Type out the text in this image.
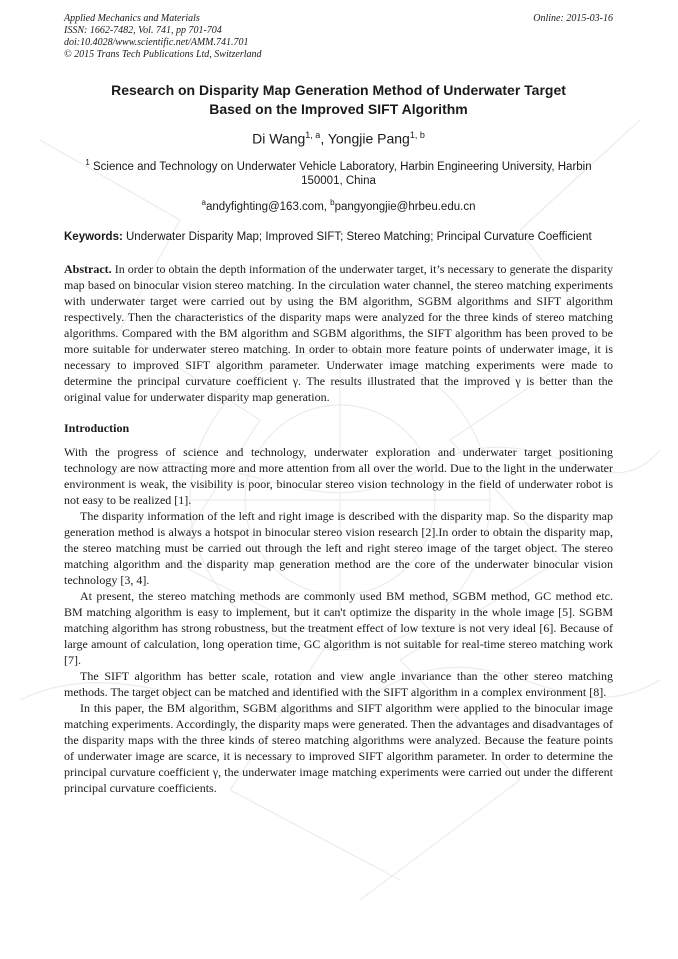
Applied Mechanics and Materials
ISSN: 1662-7482, Vol. 741, pp 701-704
doi:10.4028/www.scientific.net/AMM.741.701
© 2015 Trans Tech Publications Ltd, Switzerland
Online: 2015-03-16
Research on Disparity Map Generation Method of Underwater Target
Based on the Improved SIFT Algorithm
Di Wang$^{1, a}$, Yongjie Pang$^{1, b}$
$^1$ Science and Technology on Underwater Vehicle Laboratory, Harbin Engineering University, Harbin 150001, China
$^a$andyfighting@163.com, $^b$pangyongjie@hrbeu.edu.cn
Keywords: Underwater Disparity Map; Improved SIFT; Stereo Matching; Principal Curvature Coefficient
Abstract. In order to obtain the depth information of the underwater target, it’s necessary to generate the disparity map based on binocular vision stereo matching. In the circulation water channel, the stereo matching experiments with underwater target were carried out by using the BM algorithm, SGBM algorithms and SIFT algorithm respectively. Then the characteristics of the disparity maps were analyzed for the three kinds of stereo matching algorithms. Compared with the BM algorithm and SGBM algorithms, the SIFT algorithm has been proved to be more suitable for underwater stereo matching. In order to obtain more feature points of underwater image, it is necessary to improved SIFT algorithm parameter. Underwater image matching experiments were made to determine the principal curvature coefficient γ. The results illustrated that the improved γ is better than the original value for underwater disparity map generation.
Introduction

With the progress of science and technology, underwater exploration and underwater target positioning technology are now attracting more and more attention from all over the world. Due to the light in the underwater environment is weak, the visibility is poor, binocular stereo vision technology in the field of underwater robot is not easy to be realized [1].

The disparity information of the left and right image is described with the disparity map. So the disparity map generation method is always a hotspot in binocular stereo vision research [2].In order to obtain the disparity map, the stereo matching must be carried out through the left and right stereo image of the target object. The stereo matching algorithm and the disparity map generation method are the core of the underwater binocular vision technology [3, 4].

At present, the stereo matching methods are commonly used BM method, SGBM method, GC method etc. BM matching algorithm is easy to implement, but it can't optimize the disparity in the whole image [5]. SGBM matching algorithm has strong robustness, but the treatment effect of low texture is not very ideal [6]. Because of large amount of calculation, long operation time, GC algorithm is not suitable for real-time stereo matching work [7].

The SIFT algorithm has better scale, rotation and view angle invariance than the other stereo matching methods. The target object can be matched and identified with the SIFT algorithm in a complex environment [8].

In this paper, the BM algorithm, SGBM algorithms and SIFT algorithm were applied to the binocular image matching experiments. Accordingly, the disparity maps were generated. Then the advantages and disadvantages of the disparity maps with the three kinds of stereo matching algorithms were analyzed. Because the feature points of underwater image are scarce, it is necessary to improved SIFT algorithm parameter. In order to determine the principal curvature coefficient γ, the underwater image matching experiments were carried out under the different principal curvature coefficients.
